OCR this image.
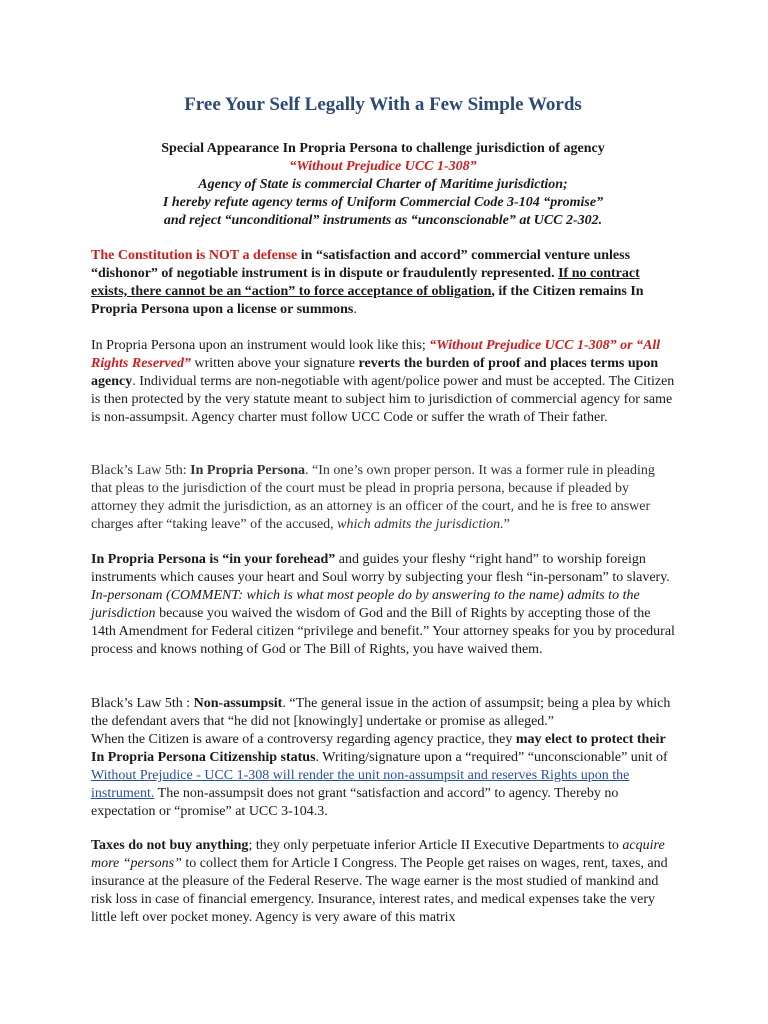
Free Your Self Legally With a Few Simple Words
Special Appearance In Propria Persona to challenge jurisdiction of agency
“Without Prejudice UCC 1-308”
Agency of State is commercial Charter of Maritime jurisdiction;
I hereby refute agency terms of Uniform Commercial Code 3-104 “promise”
and reject “unconditional” instruments as “unconscionable” at UCC 2-302.

The Constitution is NOT a defense in “satisfaction and accord” commercial venture unless “dishonor” of negotiable instrument is in dispute or fraudulently represented. If no contract exists, there cannot be an “action” to force acceptance of obligation, if the Citizen remains In Propria Persona upon a license or summons.

In Propria Persona upon an instrument would look like this; “Without Prejudice UCC 1-308” or “All Rights Reserved” written above your signature reverts the burden of proof and places terms upon agency. Individual terms are non-negotiable with agent/police power and must be accepted. The Citizen is then protected by the very statute meant to subject him to jurisdiction of commercial agency for same is non-assumpsit. Agency charter must follow UCC Code or suffer the wrath of Their father.

Black’s Law 5th: In Propria Persona. “In one’s own proper person. It was a former rule in pleading that pleas to the jurisdiction of the court must be plead in propria persona, because if pleaded by attorney they admit the jurisdiction, as an attorney is an officer of the court, and he is free to answer charges after “taking leave” of the accused, which admits the jurisdiction.”

In Propria Persona is “in your forehead” and guides your fleshy “right hand” to worship foreign instruments which causes your heart and Soul worry by subjecting your flesh “in-personam” to slavery. In-personam (COMMENT: which is what most people do by answering to the name) admits to the jurisdiction because you waived the wisdom of God and the Bill of Rights by accepting those of the 14th Amendment for Federal citizen “privilege and benefit.” Your attorney speaks for you by procedural process and knows nothing of God or The Bill of Rights, you have waived them.

Black’s Law 5th : Non-assumpsit. “The general issue in the action of assumpsit; being a plea by which the defendant avers that “he did not [knowingly] undertake or promise as alleged.”
When the Citizen is aware of a controversy regarding agency practice, they may elect to protect their In Propria Persona Citizenship status. Writing/signature upon a “required” “unconscionable” unit of Without Prejudice - UCC 1-308 will render the unit non-assumpsit and reserves Rights upon the instrument. The non-assumpsit does not grant “satisfaction and accord” to agency. Thereby no expectation or “promise” at UCC 3-104.3.

Taxes do not buy anything; they only perpetuate inferior Article II Executive Departments to acquire more “persons” to collect them for Article I Congress. The People get raises on wages, rent, taxes, and insurance at the pleasure of the Federal Reserve. The wage earner is the most studied of mankind and risk loss in case of financial emergency. Insurance, interest rates, and medical expenses take the very little left over pocket money. Agency is very aware of this matrix
